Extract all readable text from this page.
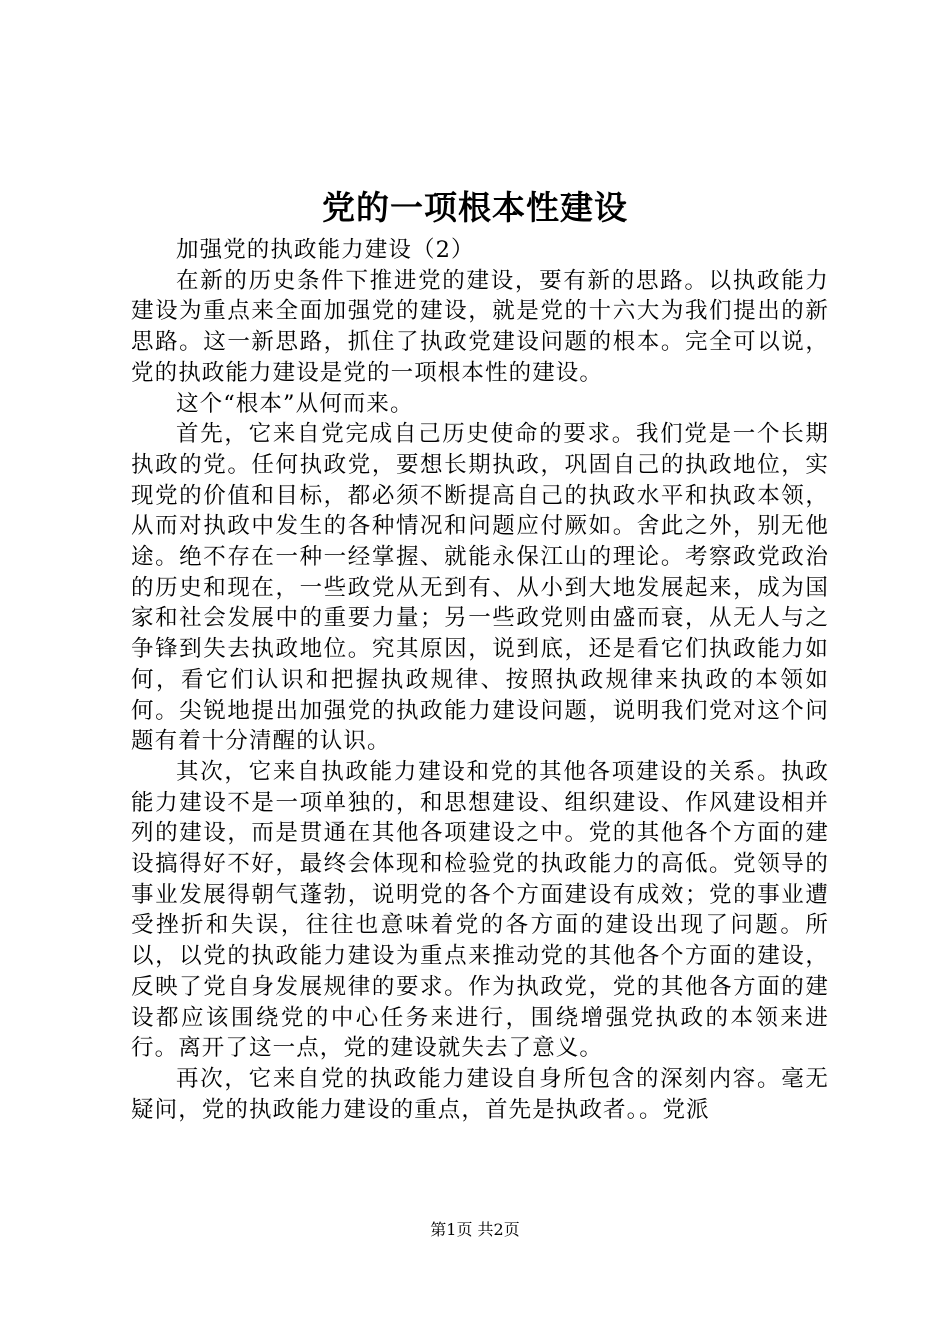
党的一项根本性建设

加强党的执政能力建设（2）

在新的历史条件下推进党的建设，要有新的思路。以执政能力建设为重点来全面加强党的建设，就是党的十六大为我们提出的新思路。这一新思路，抓住了执政党建设问题的根本。完全可以说，党的执政能力建设是党的一项根本性的建设。

这个“根本”从何而来。

首先，它来自党完成自己历史使命的要求。我们党是一个长期执政的党。任何执政党，要想长期执政，巩固自己的执政地位，实现党的价值和目标，都必须不断提高自己的执政水平和执政本领，从而对执政中发生的各种情况和问题应付厥如。舍此之外，别无他途。绝不存在一种一经掌握、就能永保江山的理论。考察政党政治的历史和现在，一些政党从无到有、从小到大地发展起来，成为国家和社会发展中的重要力量；另一些政党则由盛而衰，从无人与之争锋到失去执政地位。究其原因，说到底，还是看它们执政能力如何，看它们认识和把握执政规律、按照执政规律来执政的本领如何。尖锐地提出加强党的执政能力建设问题，说明我们党对这个问题有着十分清醒的认识。

其次，它来自执政能力建设和党的其他各项建设的关系。执政能力建设不是一项单独的，和思想建设、组织建设、作风建设相并列的建设，而是贯通在其他各项建设之中。党的其他各个方面的建设搞得好不好，最终会体现和检验党的执政能力的高低。党领导的事业发展得朝气蓬勃，说明党的各个方面建设有成效；党的事业遭受挫折和失误，往往也意味着党的各方面的建设出现了问题。所以，以党的执政能力建设为重点来推动党的其他各个方面的建设，反映了党自身发展规律的要求。作为执政党，党的其他各方面的建设都应该围绕党的中心任务来进行，围绕增强党执政的本领来进行。离开了这一点，党的建设就失去了意义。

再次，它来自党的执政能力建设自身所包含的深刻内容。毫无疑问，党的执政能力建设的重点，首先是执政者。。党派

第1页 共2页
